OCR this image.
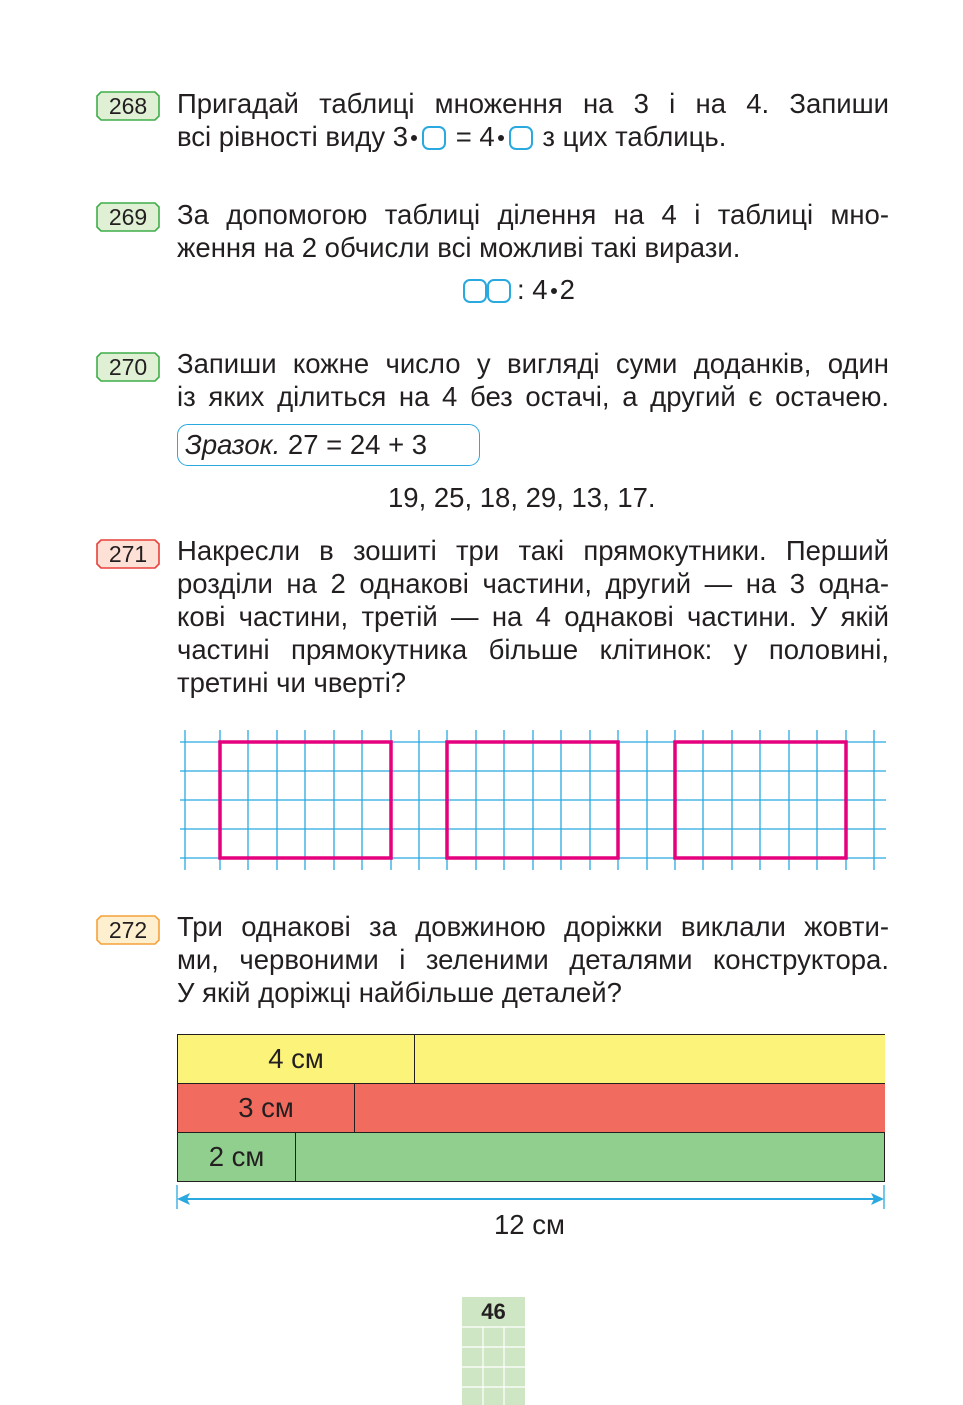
268	Пригадай таблиці множення на 3 і на 4. Запиши
всі рівності виду 3 = 4 з цих таблиць.
269	За допомогою таблиці ділення на 4 і таблиці мно-
ження на 2 обчисли всі можливі такі вирази.
: 4 2
270	Запиши кожне число у вигляді суми доданків, один
із яких ділиться на 4 без остачі, а другий є остачею.
Зразок. 27 = 24 + 3
19, 25, 18, 29, 13, 17.
271	Накресли в зошиті три такі прямокутники. Перший
розділи на 2 однакові частини, другий — на 3 одна-
кові частини, третій — на 4 однакові частини. У якій
частині прямокутника більше клітинок: у половині,
третині чи чверті?
272	Три однакові за довжиною доріжки виклали жовти-
ми, червоними і зеленими деталями конструктора.
У якій доріжці найбільше деталей?
4 см
3 см
2 см
12 см
46
